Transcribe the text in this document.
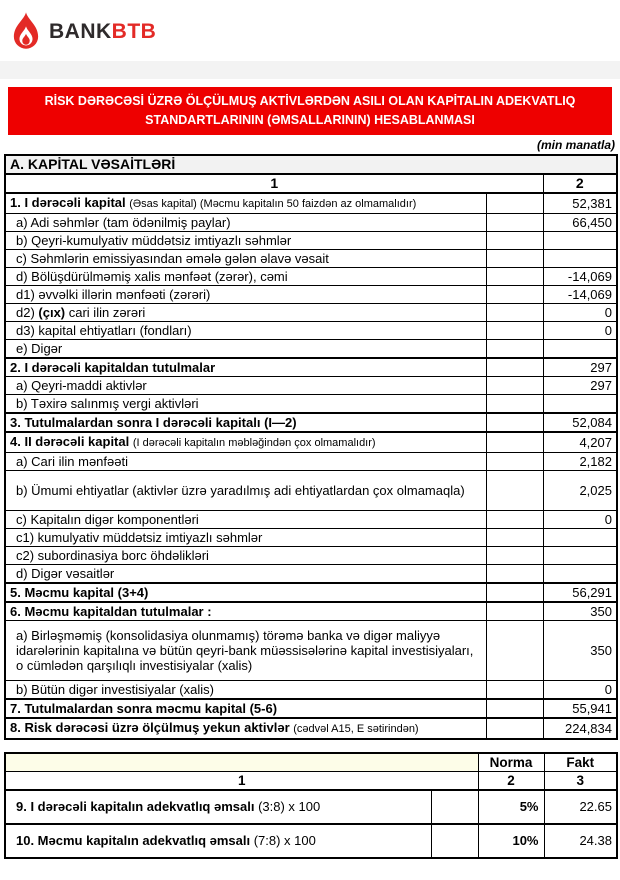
BANKBTB
RİSK DƏRƏCƏSİ ÜZRƏ ÖLÇÜLMUŞ AKTİVLƏRDƏN ASILI OLAN KAPİTALIN ADEKVATLIQ
STANDARTLARININ (ƏMSALLARININ) HESABLANMASI
(min manatla)
A. KAPİTAL VƏSAİTLƏRİ		
1		2
1. I dərəcəli kapital (Əsas kapital) (Məcmu kapitalın 50 faizdən az olmamalıdır)		52,381
a) Adi səhmlər (tam ödənilmiş paylar)		66,450
b) Qeyri-kumulyativ müddətsiz imtiyazlı səhmlər		
c) Səhmlərin emissiyasından əmələ gələn əlavə vəsait		
d) Bölüşdürülməmiş xalis mənfəət (zərər), cəmi		-14,069
d1) əvvəlki illərin mənfəəti (zərəri)		-14,069
d2) (çıx) cari ilin zərəri		0
d3) kapital ehtiyatları (fondları)		0
e) Digər		
2. I dərəcəli kapitaldan tutulmalar		297
a) Qeyri-maddi aktivlər		297
b) Təxirə salınmış vergi aktivləri		
3. Tutulmalardan sonra I dərəcəli kapitalı (I—2)		52,084
4. II dərəcəli kapital (I dərəcəli kapitalın məbləğindən çox olmamalıdır)		4,207
a) Cari ilin mənfəəti		2,182
b) Ümumi ehtiyatlar (aktivlər üzrə yaradılmış adi ehtiyatlardan çox olmamaqla)		2,025
c) Kapitalın digər komponentləri		0
c1) kumulyativ müddətsiz imtiyazlı səhmlər		
c2) subordinasiya borc öhdəlikləri		
d) Digər vəsaitlər		
5. Məcmu kapital (3+4)		56,291
6. Məcmu kapitaldan tutulmalar :		350
a) Birləşməmiş (konsolidasiya olunmamış) törəmə banka və digər maliyyə idarələrinin kapitalına və bütün qeyri-bank müəssisələrinə kapital investisiyaları, o cümlədən qarşılıqlı investisiyalar (xalis)		350
b) Bütün digər investisiyalar (xalis)		0
7. Tutulmalardan sonra məcmu kapital (5-6)		55,941
8. Risk dərəcəsi üzrə ölçülmuş yekun aktivlər (cədvəl A15, E sətirindən)		224,834
		Norma	Fakt
1		2	3
9. I dərəcəli kapitalın adekvatlıq əmsalı (3:8) x 100		5%	22.65
10. Məcmu kapitalın adekvatlıq əmsalı (7:8) x 100		10%	24.38
